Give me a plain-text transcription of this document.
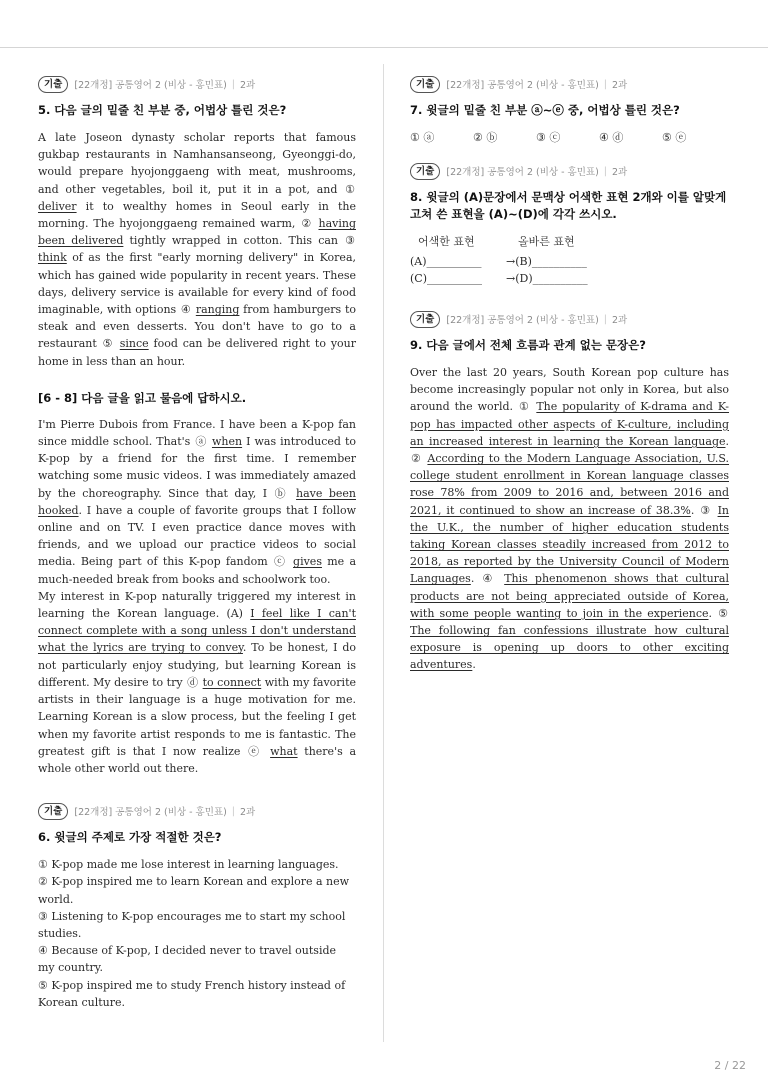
기출	[22개정] 공통영어 2 (비상 - 홍민표) | 2과
5. 다음 글의 밑줄 친 부분 중, 어법상 틀린 것은?

A late Joseon dynasty scholar reports that famous gukbap restaurants in Namhansanseong, Gyeonggi-do, would prepare hyojonggaeng with meat, mushrooms, and other vegetables, boil it, put it in a pot, and ① deliver it to wealthy homes in Seoul early in the morning. The hyojonggaeng remained warm, ② having been delivered tightly wrapped in cotton. This can ③ think of as the first "early morning delivery" in Korea, which has gained wide popularity in recent years. These days, delivery service is available for every kind of food imaginable, with options ④ ranging from hamburgers to steak and even desserts. You don't have to go to a restaurant ⑤ since food can be delivered right to your home in less than an hour.

[6 - 8] 다음 글을 읽고 물음에 답하시오.

I'm Pierre Dubois from France. I have been a K-pop fan since middle school. That's ⓐ when I was introduced to K-pop by a friend for the first time. I remember watching some music videos. I was immediately amazed by the choreography. Since that day, I ⓑ have been hooked. I have a couple of favorite groups that I follow online and on TV. I even practice dance moves with friends, and we upload our practice videos to social media. Being part of this K-pop fandom ⓒ gives me a much-needed break from books and schoolwork too.

My interest in K-pop naturally triggered my interest in learning the Korean language. (A) I feel like I can't connect complete with a song unless I don't understand what the lyrics are trying to convey. To be honest, I do not particularly enjoy studying, but learning Korean is different. My desire to try ⓓ to connect with my favorite artists in their language is a huge motivation for me. Learning Korean is a slow process, but the feeling I get when my favorite artist responds to me is fantastic. The greatest gift is that I now realize ⓔ what there's a whole other world out there.

기출	[22개정] 공통영어 2 (비상 - 홍민표) | 2과
6. 윗글의 주제로 가장 적절한 것은?

① K-pop made me lose interest in learning languages.

② K-pop inspired me to learn Korean and explore a new world.

③ Listening to K-pop encourages me to start my school studies.

④ Because of K-pop, I decided never to travel outside my country.

⑤ K-pop inspired me to study French history instead of Korean culture.

기출	[22개정] 공통영어 2 (비상 - 홍민표) | 2과
7. 윗글의 밑줄 친 부분 ⓐ~ⓔ 중, 어법상 틀린 것은?
① ⓐ	② ⓑ	③ ⓒ	④ ⓓ	⑤ ⓔ
기출	[22개정] 공통영어 2 (비상 - 홍민표) | 2과
8. 윗글의 (A)문장에서 문맥상 어색한 표현 2개와 이를 알맞게 고쳐 쓴 표현을 (A)~(D)에 각각 쓰시오.
어색한 표현	올바른 표현
(A)__________	→(B)__________
(C)__________	→(D)__________
기출	[22개정] 공통영어 2 (비상 - 홍민표) | 2과
9. 다음 글에서 전체 흐름과 관계 없는 문장은?

Over the last 20 years, South Korean pop culture has become increasingly popular not only in Korea, but also around the world. ① The popularity of K-drama and K-pop has impacted other aspects of K-culture, including an increased interest in learning the Korean language. ② According to the Modern Language Association, U.S. college student enrollment in Korean language classes rose 78% from 2009 to 2016 and, between 2016 and 2021, it continued to show an increase of 38.3%. ③ In the U.K., the number of higher education students taking Korean classes steadily increased from 2012 to 2018, as reported by the University Council of Modern Languages. ④ This phenomenon shows that cultural products are not being appreciated outside of Korea, with some people wanting to join in the experience. ⑤ The following fan confessions illustrate how cultural exposure is opening up doors to other exciting adventures.

2 / 22
